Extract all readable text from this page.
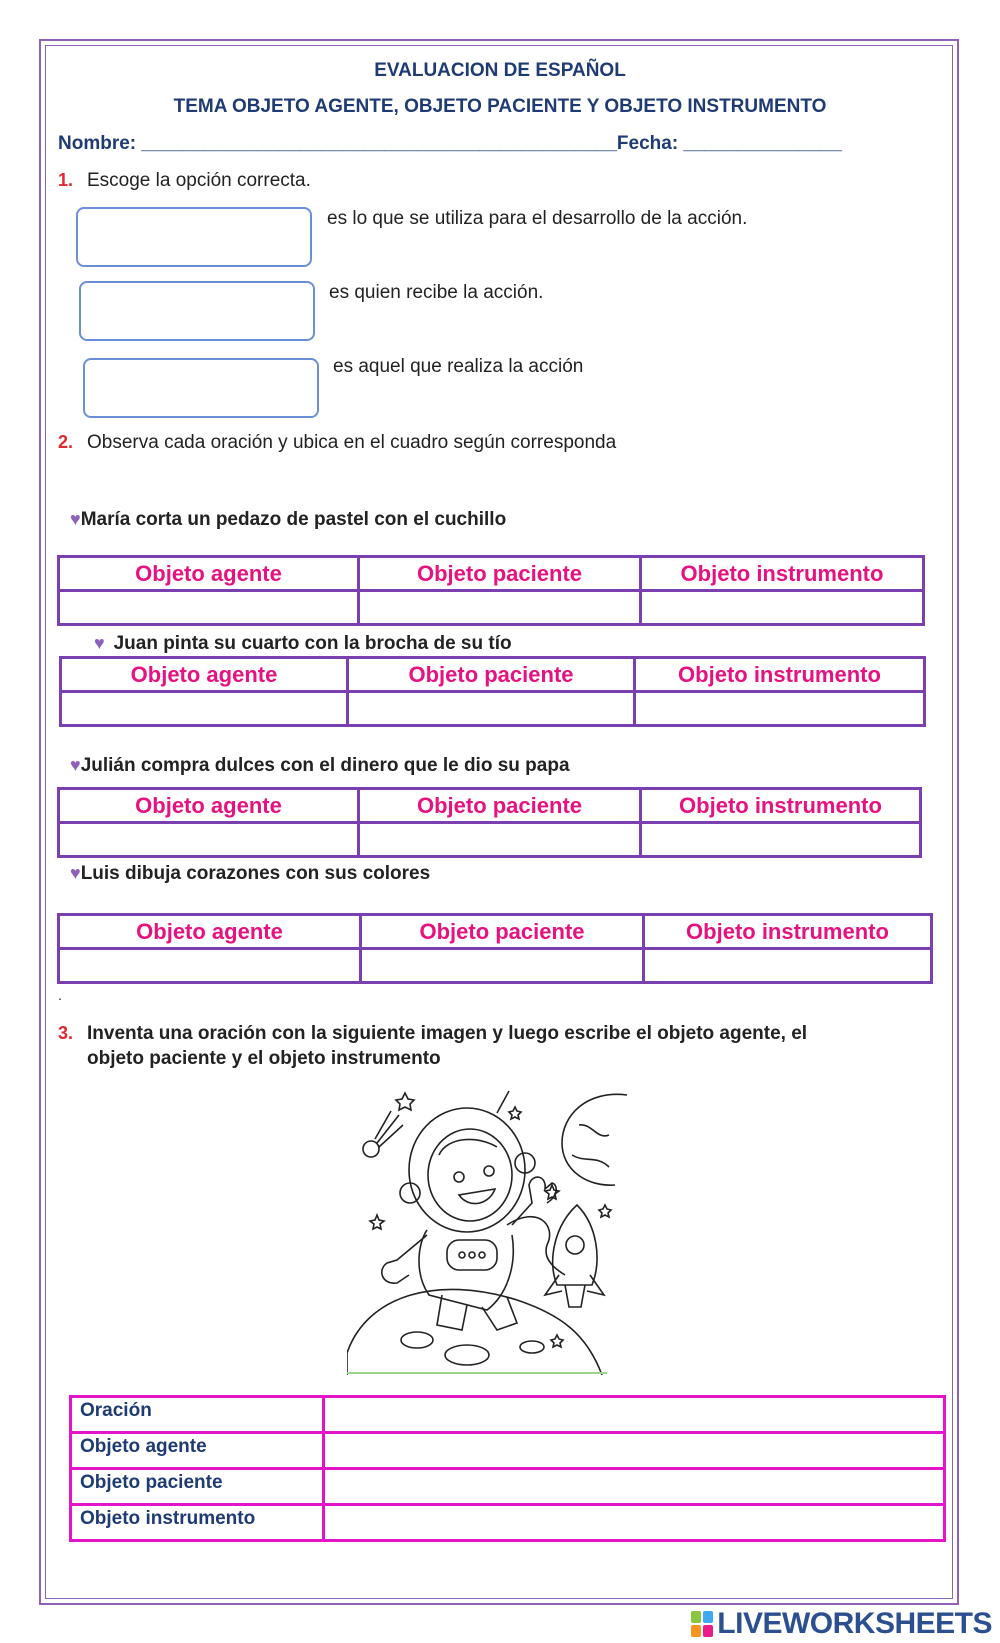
EVALUACION DE ESPAÑOL
TEMA OBJETO AGENTE, OBJETO PACIENTE Y OBJETO INSTRUMENTO
Nombre: _____________________________________________Fecha: _______________
1. Escoge la opción correcta.
es lo que se utiliza para el desarrollo de la acción.
es quien recibe la acción.
es aquel que realiza la acción
2. Observa cada oración y ubica en el cuadro según corresponda
♥María corta un pedazo de pastel con el cuchillo
Objeto agente	Objeto paciente	Objeto instrumento

♥ Juan pinta su cuarto con la brocha de su tío
Objeto agente	Objeto paciente	Objeto instrumento

♥Julián compra dulces con el dinero que le dio su papa
Objeto agente	Objeto paciente	Objeto instrumento

♥Luis dibuja corazones con sus colores
Objeto agente	Objeto paciente	Objeto instrumento

.
3. Inventa una oración con la siguiente imagen y luego escribe el objeto agente, el
objeto paciente y el objeto instrumento
Oración	
Objeto agente	
Objeto paciente	
Objeto instrumento	
LIVEWORKSHEETS
